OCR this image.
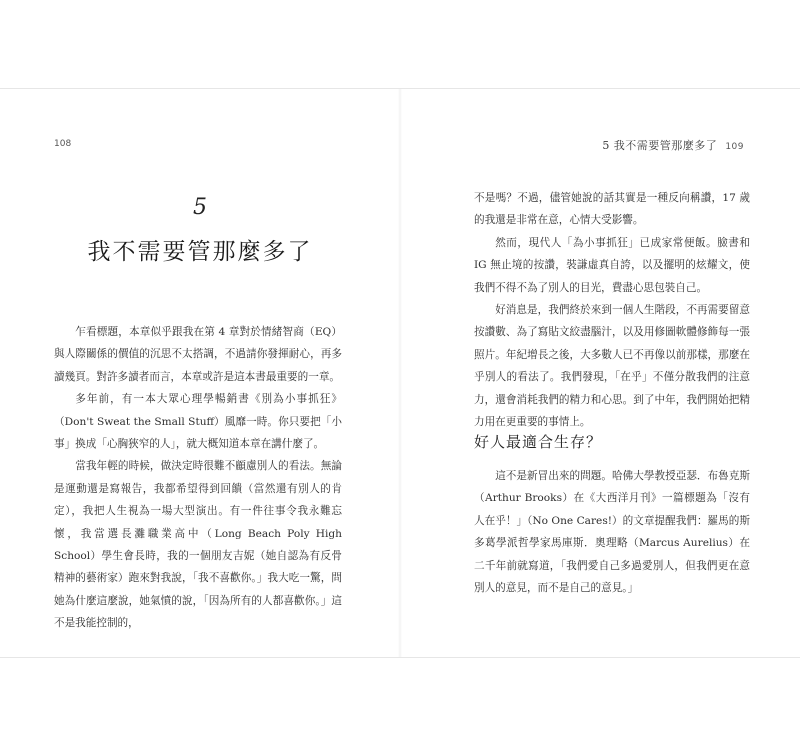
108
5
我不需要管那麼多了

乍看標題，本章似乎跟我在第 4 章對於情緒智商（EQ）與人際關係的價值的沉思不太搭調，不過請你發揮耐心，再多讀幾頁。對許多讀者而言，本章或許是這本書最重要的一章。

多年前，有一本大眾心理學暢銷書《別為小事抓狂》（Don't Sweat the Small Stuff）風靡一時。你只要把「小事」換成「心胸狹窄的人」，就大概知道本章在講什麼了。

當我年輕的時候，做決定時很難不顧慮別人的看法。無論是運動還是寫報告，我都希望得到回饋（當然還有別人的肯定），我把人生視為一場大型演出。有一件往事令我永難忘懷，我當選長灘職業高中（Long Beach Poly High School）學生會長時，我的一個朋友吉妮（她自認為有反骨精神的藝術家）跑來對我說，「我不喜歡你。」我大吃一驚，問她為什麼這麼說，她氣憤的說，「因為所有的人都喜歡你。」這不是我能控制的，

5 我不需要管那麼多了 109

不是嗎？不過，儘管她說的話其實是一種反向稱讚，17 歲的我還是非常在意，心情大受影響。

然而，現代人「為小事抓狂」已成家常便飯。臉書和 IG 無止境的按讚，裝謙虛真自誇，以及擺明的炫耀文，使我們不得不為了別人的目光，費盡心思包裝自己。

好消息是，我們終於來到一個人生階段，不再需要留意按讚數、為了寫貼文絞盡腦汁，以及用修圖軟體修飾每一張照片。年紀增長之後，大多數人已不再像以前那樣，那麼在乎別人的看法了。我們發現，「在乎」不僅分散我們的注意力，還會消耗我們的精力和心思。到了中年，我們開始把精力用在更重要的事情上。

好人最適合生存？

這不是新冒出來的問題。哈佛大學教授亞瑟．布魯克斯（Arthur Brooks）在《大西洋月刊》一篇標題為「沒有人在乎！」（No One Cares!）的文章提醒我們：羅馬的斯多葛學派哲學家馬庫斯．奧理略（Marcus Aurelius）在二千年前就寫道，「我們愛自己多過愛別人，但我們更在意別人的意見，而不是自己的意見。」
